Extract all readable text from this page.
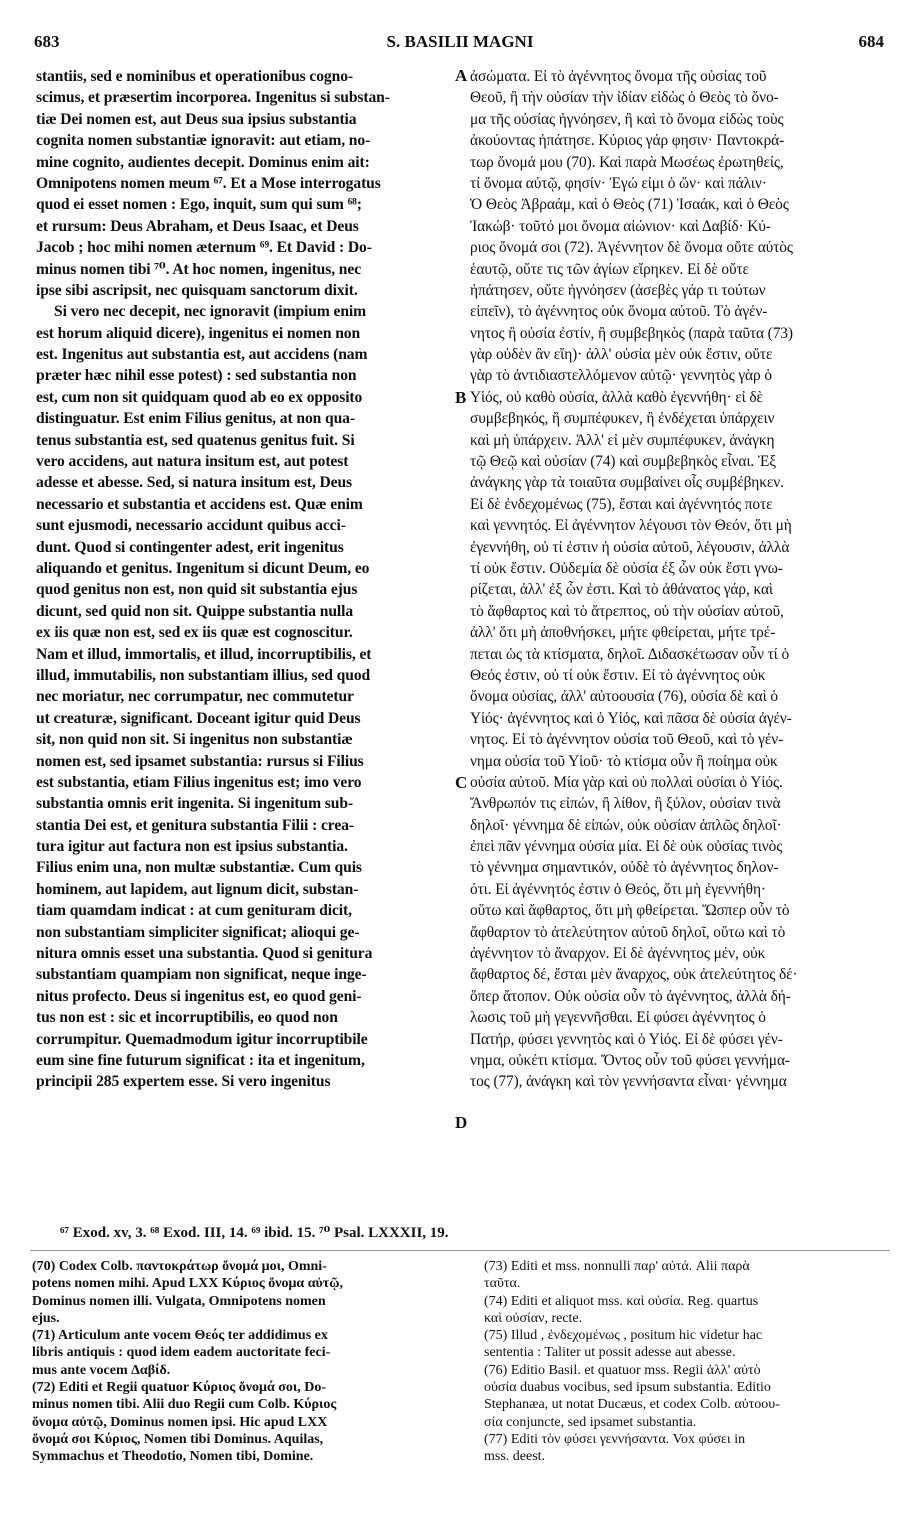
683	S. BASILII MAGNI	684
stantiis, sed e nominibus et operationibus cogno-
scimus, et præsertim incorporea. Ingenitus si substan-
tiæ Dei nomen est, aut Deus sua ipsius substantia
cognita nomen substantiæ ignoravit: aut etiam, no-
mine cognito, audientes decepit. Dominus enim ait:
Omnipotens nomen meum ⁶⁷. Et a Mose interrogatus
quod ei esset nomen : Ego, inquit, sum qui sum ⁶⁸;
et rursum: Deus Abraham, et Deus Isaac, et Deus
Jacob ; hoc mihi nomen æternum ⁶⁹. Et David : Do-
minus nomen tibi ⁷⁰. At hoc nomen, ingenitus, nec
ipse sibi ascripsit, nec quisquam sanctorum dixit.
Si vero nec decepit, nec ignoravit (impium enim
est horum aliquid dicere), ingenitus ei nomen non
est. Ingenitus aut substantia est, aut accidens (nam
præter hæc nihil esse potest) : sed substantia non
est, cum non sit quidquam quod ab eo ex opposito
distinguatur. Est enim Filius genitus, at non qua-
tenus substantia est, sed quatenus genitus fuit. Si
vero accidens, aut natura insitum est, aut potest
adesse et abesse. Sed, si natura insitum est, Deus
necessario et substantia et accidens est. Quæ enim
sunt ejusmodi, necessario accidunt quibus acci-
dunt. Quod si contingenter adest, erit ingenitus
aliquando et genitus. Ingenitum si dicunt Deum, eo
quod genitus non est, non quid sit substantia ejus
dicunt, sed quid non sit. Quippe substantia nulla
ex iis quæ non est, sed ex iis quæ est cognoscitur.
Nam et illud, immortalis, et illud, incorruptibilis, et
illud, immutabilis, non substantiam illius, sed quod
nec moriatur, nec corrumpatur, nec commutetur
ut creaturæ, significant. Doceant igitur quid Deus
sit, non quid non sit. Si ingenitus non substantiæ
nomen est, sed ipsamet substantia: rursus si Filius
est substantia, etiam Filius ingenitus est; imo vero
substantia omnis erit ingenita. Si ingenitum sub-
stantia Dei est, et genitura substantia Filii : crea-
tura igitur aut factura non est ipsius substantia.
Filius enim una, non multæ substantiæ. Cum quis
hominem, aut lapidem, aut lignum dicit, substan-
tiam quamdam indicat : at cum genituram dicit,
non substantiam simpliciter significat; alioqui ge-
nitura omnis esset una substantia. Quod si genitura
substantiam quampiam non significat, neque inge-
nitus profecto. Deus si ingenitus est, eo quod geni-
tus non est : sic et incorruptibilis, eo quod non
corrumpitur. Quemadmodum igitur incorruptibile
eum sine fine futurum significat : ita et ingenitum,
principii 285 expertem esse. Si vero ingenitus
ἀσώματα. Εἰ τὸ ἀγέννητος ὄνομα τῆς οὐσίας τοῦ
Θεοῦ, ἢ τὴν οὐσίαν τὴν ἰδίαν εἰδὼς ὁ Θεὸς τὸ ὄνο-
μα τῆς οὐσίας ἠγνόησεν, ἢ καὶ τὸ ὄνομα εἰδὼς τοὺς
ἀκούοντας ἠπάτησε. Κύριος γάρ φησιν· Παντοκρά-
τωρ ὄνομά μου (70). Καὶ παρὰ Μωσέως ἐρωτηθείς,
τί ὄνομα αὐτῷ, φησίν· Ἐγώ εἰμι ὁ ὤν· καὶ πάλιν·
Ὁ Θεὸς Ἀβραάμ, καὶ ὁ Θεὸς (71) Ἰσαάκ, καὶ ὁ Θεὸς
Ἰακώβ· τοῦτό μοι ὄνομα αἰώνιον· καὶ Δαβίδ· Κύ-
ριος ὄνομά σοι (72). Ἀγέννητον δὲ ὄνομα οὔτε αὐτὸς
ἑαυτῷ, οὔτε τις τῶν ἁγίων εἴρηκεν. Εἰ δὲ οὔτε
ἠπάτησεν, οὔτε ἠγνόησεν (ἀσεβὲς γάρ τι τούτων
εἰπεῖν), τὸ ἀγέννητος οὐκ ὄνομα αὐτοῦ. Τὸ ἀγέν-
νητος ἢ οὐσία ἐστίν, ἢ συμβεβηκὸς (παρὰ ταῦτα (73)
γὰρ οὐδὲν ἂν εἴη)· ἀλλ' οὐσία μὲν οὐκ ἔστιν, οὔτε
γὰρ τὸ ἀντιδιαστελλόμενον αὐτῷ· γεννητὸς γὰρ ὁ
Υἱός, οὐ καθὸ οὐσία, ἀλλὰ καθὸ ἐγεννήθη· εἰ δὲ
συμβεβηκός, ἢ συμπέφυκεν, ἢ ἐνδέχεται ὑπάρχειν
καὶ μὴ ὑπάρχειν. Ἀλλ' εἰ μὲν συμπέφυκεν, ἀνάγκη
τῷ Θεῷ καὶ οὐσίαν (74) καὶ συμβεβηκὸς εἶναι. Ἐξ
ἀνάγκης γὰρ τὰ τοιαῦτα συμβαίνει οἷς συμβέβηκεν.
Εἰ δὲ ἐνδεχομένως (75), ἔσται καὶ ἀγέννητός ποτε
καὶ γεννητός. Εἰ ἀγέννητον λέγουσι τὸν Θεόν, ὅτι μὴ
ἐγεννήθη, οὐ τί ἐστιν ἡ οὐσία αὐτοῦ, λέγουσιν, ἀλλὰ
τί οὐκ ἔστιν. Οὐδεμία δὲ οὐσία ἐξ ὧν οὐκ ἔστι γνω-
ρίζεται, ἀλλ' ἐξ ὧν ἐστι. Καὶ τὸ ἀθάνατος γάρ, καὶ
τὸ ἄφθαρτος καὶ τὸ ἄτρεπτος, οὐ τὴν οὐσίαν αὐτοῦ,
ἀλλ' ὅτι μὴ ἀποθνήσκει, μήτε φθείρεται, μήτε τρέ-
πεται ὡς τὰ κτίσματα, δηλοῖ. Διδασκέτωσαν οὖν τί ὁ
Θεός ἐστιν, οὐ τί οὐκ ἔστιν. Εἰ τὸ ἀγέννητος οὐκ
ὄνομα οὐσίας, ἀλλ' αὐτοουσία (76), οὐσία δὲ καὶ ὁ
Υἱός· ἀγέννητος καὶ ὁ Υἱός, καὶ πᾶσα δὲ οὐσία ἀγέν-
νητος. Εἰ τὸ ἀγέννητον οὐσία τοῦ Θεοῦ, καὶ τὸ γέν-
νημα οὐσία τοῦ Υἱοῦ· τὸ κτίσμα οὖν ἢ ποίημα οὐκ
οὐσία αὐτοῦ. Μία γὰρ καὶ οὐ πολλαὶ οὐσίαι ὁ Υἱός.
Ἄνθρωπόν τις εἰπών, ἢ λίθον, ἢ ξύλον, οὐσίαν τινὰ
δηλοῖ· γέννημα δὲ εἰπών, οὐκ οὐσίαν ἁπλῶς δηλοῖ·
ἐπεὶ πᾶν γέννημα οὐσία μία. Εἰ δὲ οὐκ οὐσίας τινὸς
τὸ γέννημα σημαντικόν, οὐδὲ τὸ ἀγέννητος δηλον-
ότι. Εἰ ἀγέννητός ἐστιν ὁ Θεός, ὅτι μὴ ἐγεννήθη·
οὕτω καὶ ἄφθαρτος, ὅτι μὴ φθείρεται. Ὥσπερ οὖν τὸ
ἄφθαρτον τὸ ἀτελεύτητον αὐτοῦ δηλοῖ, οὕτω καὶ τὸ
ἀγέννητον τὸ ἄναρχον. Εἰ δὲ ἀγέννητος μέν, οὐκ
ἄφθαρτος δέ, ἔσται μὲν ἄναρχος, οὐκ ἀτελεύτητος δέ·
ὅπερ ἄτοπον. Οὐκ οὐσία οὖν τὸ ἀγέννητος, ἀλλὰ δή-
λωσις τοῦ μὴ γεγεννῆσθαι. Εἰ φύσει ἀγέννητος ὁ
Πατήρ, φύσει γεννητὸς καὶ ὁ Υἱός. Εἰ δὲ φύσει γέν-
νημα, οὐκέτι κτίσμα. Ὄντος οὖν τοῦ φύσει γεννήμα-
τος (77), ἀνάγκη καὶ τὸν γεννήσαντα εἶναι· γέννημα
A
B
C
D
⁶⁷ Exod. xv, 3. ⁶⁸ Exod. III, 14. ⁶⁹ ibid. 15. ⁷⁰ Psal. LXXXII, 19.
(70) Codex Colb. παντοκράτωρ ὄνομά μοι, Omni-
potens nomen mihi. Apud LXX Κύριος ὄνομα αὐτῷ,
Dominus nomen illi. Vulgata, Omnipotens nomen
ejus.
(71) Articulum ante vocem Θεός ter addidimus ex
libris antiquis : quod idem eadem auctoritate feci-
mus ante vocem Δαβίδ.
(72) Editi et Regii quatuor Κύριος ὄνομά σοι, Do-
minus nomen tibi. Alii duo Regii cum Colb. Κύριος
ὄνομα αὐτῷ, Dominus nomen ipsi. Hic apud LXX
ὄνομά σοι Κύριος, Nomen tibi Dominus. Aquilas,
Symmachus et Theodotio, Nomen tibi, Domine.
(73) Editi et mss. nonnulli παρ' αὐτά. Alii παρὰ
ταῦτα.
(74) Editi et aliquot mss. καὶ οὐσία. Reg. quartus
καὶ οὐσίαν, recte.
(75) Illud , ἐνδεχομένως , positum hic videtur hac
sententia : Taliter ut possit adesse aut abesse.
(76) Editio Basil. et quatuor mss. Regii ἀλλ' αὐτὸ
οὐσία duabus vocibus, sed ipsum substantia. Editio
Stephanæa, ut notat Ducæus, et codex Colb. αὐτοου-
σία conjuncte, sed ipsamet substantia.
(77) Editi τὸν φύσει γεννήσαντα. Vox φύσει in
mss. deest.
